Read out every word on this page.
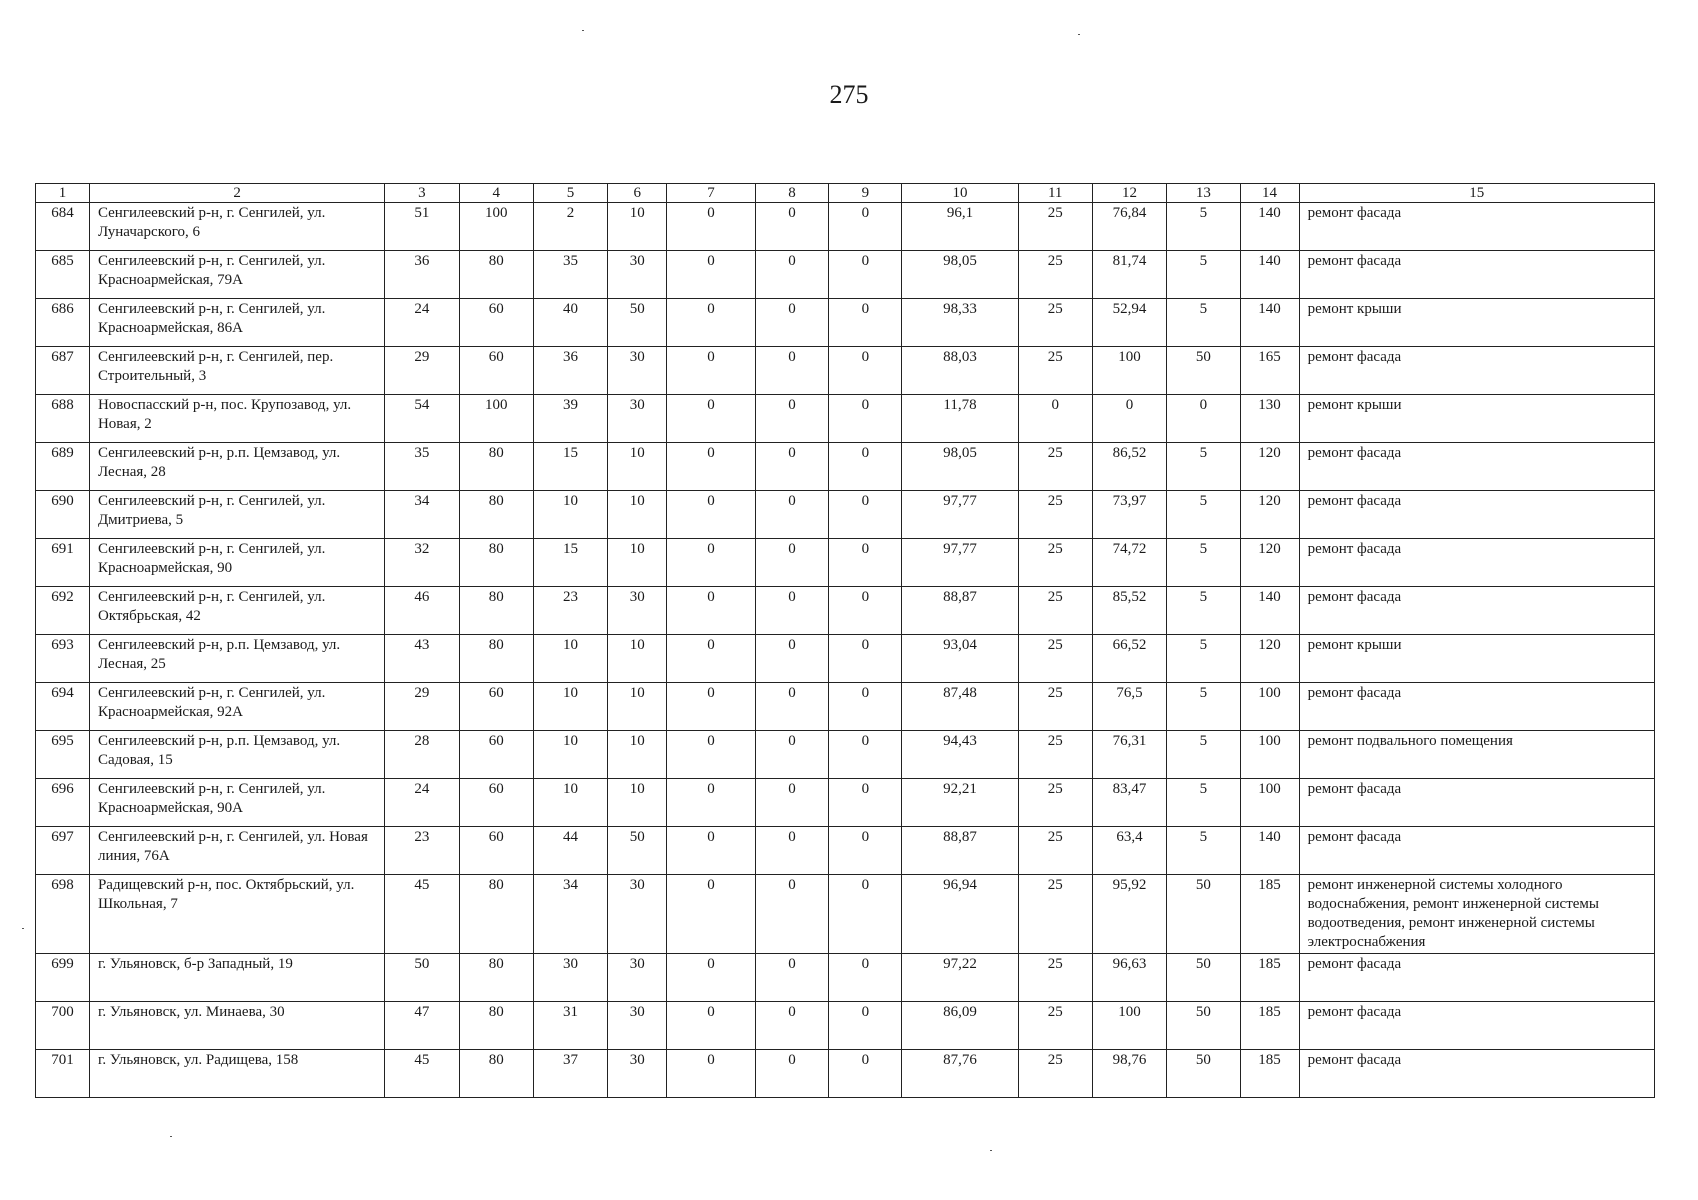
275
1	2	3	4	5	6	7	8	9	10	11	12	13	14	15
684	Сенгилеевский р-н, г. Сенгилей, ул. Луначарского, 6	51	100	2	10	0	0	0	96,1	25	76,84	5	140	ремонт фасада
685	Сенгилеевский р-н, г. Сенгилей, ул. Красноармейская, 79А	36	80	35	30	0	0	0	98,05	25	81,74	5	140	ремонт фасада
686	Сенгилеевский р-н, г. Сенгилей, ул. Красноармейская, 86А	24	60	40	50	0	0	0	98,33	25	52,94	5	140	ремонт крыши
687	Сенгилеевский р-н, г. Сенгилей, пер. Строительный, 3	29	60	36	30	0	0	0	88,03	25	100	50	165	ремонт фасада
688	Новоспасский р-н, пос. Крупозавод, ул. Новая, 2	54	100	39	30	0	0	0	11,78	0	0	0	130	ремонт крыши
689	Сенгилеевский р-н, р.п. Цемзавод, ул. Лесная, 28	35	80	15	10	0	0	0	98,05	25	86,52	5	120	ремонт фасада
690	Сенгилеевский р-н, г. Сенгилей, ул. Дмитриева, 5	34	80	10	10	0	0	0	97,77	25	73,97	5	120	ремонт фасада
691	Сенгилеевский р-н, г. Сенгилей, ул. Красноармейская, 90	32	80	15	10	0	0	0	97,77	25	74,72	5	120	ремонт фасада
692	Сенгилеевский р-н, г. Сенгилей, ул. Октябрьская, 42	46	80	23	30	0	0	0	88,87	25	85,52	5	140	ремонт фасада
693	Сенгилеевский р-н, р.п. Цемзавод, ул. Лесная, 25	43	80	10	10	0	0	0	93,04	25	66,52	5	120	ремонт крыши
694	Сенгилеевский р-н, г. Сенгилей, ул. Красноармейская, 92А	29	60	10	10	0	0	0	87,48	25	76,5	5	100	ремонт фасада
695	Сенгилеевский р-н, р.п. Цемзавод, ул. Садовая, 15	28	60	10	10	0	0	0	94,43	25	76,31	5	100	ремонт подвального помещения
696	Сенгилеевский р-н, г. Сенгилей, ул. Красноармейская, 90А	24	60	10	10	0	0	0	92,21	25	83,47	5	100	ремонт фасада
697	Сенгилеевский р-н, г. Сенгилей, ул. Новая линия, 76А	23	60	44	50	0	0	0	88,87	25	63,4	5	140	ремонт фасада
698	Радищевский р-н, пос. Октябрьский, ул. Школьная, 7	45	80	34	30	0	0	0	96,94	25	95,92	50	185	ремонт инженерной системы холодного водоснабжения, ремонт инженерной системы водоотведения, ремонт инженерной системы электроснабжения
699	г. Ульяновск, б-р Западный, 19	50	80	30	30	0	0	0	97,22	25	96,63	50	185	ремонт фасада
700	г. Ульяновск, ул. Минаева, 30	47	80	31	30	0	0	0	86,09	25	100	50	185	ремонт фасада
701	г. Ульяновск, ул. Радищева, 158	45	80	37	30	0	0	0	87,76	25	98,76	50	185	ремонт фасада
